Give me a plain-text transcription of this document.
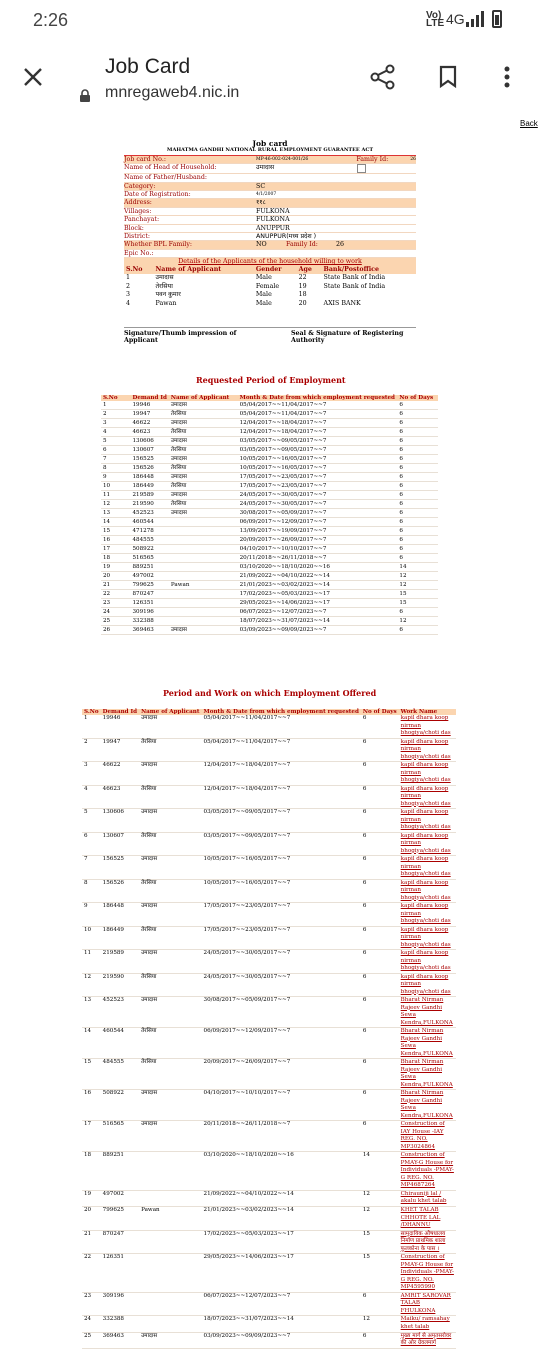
2:26	Vo)
LTE 4G
Job Card
mnregaweb4.nic.in
Back
Job card
MAHATMA GANDHI NATIONAL RURAL EMPLOYMENT GUARANTEE ACT
Job card No.:	MP-46-002-024-001/26	Family Id:	26
Name of Head of Household:	उमादास
Name of Father/Husband:
Category:	SC
Date of Registration:	4/1/2007
Address:	११८
Villages:	FULKONA
Panchayat:	FULKONA
Block:	ANUPPUR
District:	ANUPPUR(मध्य प्रदेश )
Whether BPL Family:	NO	Family Id:	26
Epic No.:
Details of the Applicants of the household willing to work
S.No	Name of Applicant	Gender	Age	Bank/Postoffice
1	उमादास	Male	22	State Bank of India
2	तेरसिया	Female	19	State Bank of India
3	पवन कुमार	Male	18	
4	Pawan	Male	20	AXIS BANK
Signature/Thumb impression of Applicant
Seal & Signature of Registering Authority
Requested Period of Employment
S.No	Demand Id	Name of Applicant	Month & Date from which employment requested	No of Days
1	19946	उमादास	05/04/2017~~11/04/2017~~7	6
2	19947	तेरसिया	05/04/2017~~11/04/2017~~7	6
3	46622	उमादास	12/04/2017~~18/04/2017~~7	6
4	46623	तेरसिया	12/04/2017~~18/04/2017~~7	6
5	130606	उमादास	03/05/2017~~09/05/2017~~7	6
6	130607	तेरसिया	03/05/2017~~09/05/2017~~7	6
7	156525	उमादास	10/05/2017~~16/05/2017~~7	6
8	156526	तेरसिया	10/05/2017~~16/05/2017~~7	6
9	186448	उमादास	17/05/2017~~23/05/2017~~7	6
10	186449	तेरसिया	17/05/2017~~23/05/2017~~7	6
11	219589	उमादास	24/05/2017~~30/05/2017~~7	6
12	219590	तेरसिया	24/05/2017~~30/05/2017~~7	6
13	452523	उमादास	30/08/2017~~05/09/2017~~7	6
14	460544		06/09/2017~~12/09/2017~~7	6
15	471278		13/09/2017~~19/09/2017~~7	6
16	484555		20/09/2017~~26/09/2017~~7	6
17	508922		04/10/2017~~10/10/2017~~7	6
18	516565		20/11/2018~~26/11/2018~~7	6
19	889251		03/10/2020~~18/10/2020~~16	14
20	497002		21/09/2022~~04/10/2022~~14	12
21	799625	Pawan	21/01/2023~~03/02/2023~~14	12
22	870247		17/02/2023~~05/03/2023~~17	15
23	126351		29/05/2023~~14/06/2023~~17	15
24	309196		06/07/2023~~12/07/2023~~7	6
25	332388		18/07/2023~~31/07/2023~~14	12
26	369463	उमादास	03/09/2023~~09/09/2023~~7	6
Period and Work on which Employment Offered
S.No	Demand Id	Name of Applicant	Month & Date from which employment requested	No of Days	Work Name
1	19946	उमादास	05/04/2017~~11/04/2017~~7	6	kapil dhara koop nirman bhogiya/choti das
2	19947	तेरसिया	05/04/2017~~11/04/2017~~7	6	kapil dhara koop nirman bhogiya/choti das
3	46622	उमादास	12/04/2017~~18/04/2017~~7	6	kapil dhara koop nirman bhogiya/choti das
4	46623	तेरसिया	12/04/2017~~18/04/2017~~7	6	kapil dhara koop nirman bhogiya/choti das
5	130606	उमादास	03/05/2017~~09/05/2017~~7	6	kapil dhara koop nirman bhogiya/choti das
6	130607	तेरसिया	03/05/2017~~09/05/2017~~7	6	kapil dhara koop nirman bhogiya/choti das
7	156525	उमादास	10/05/2017~~16/05/2017~~7	6	kapil dhara koop nirman bhogiya/choti das
8	156526	तेरसिया	10/05/2017~~16/05/2017~~7	6	kapil dhara koop nirman bhogiya/choti das
9	186448	उमादास	17/05/2017~~23/05/2017~~7	6	kapil dhara koop nirman bhogiya/choti das
10	186449	तेरसिया	17/05/2017~~23/05/2017~~7	6	kapil dhara koop nirman bhogiya/choti das
11	219589	उमादास	24/05/2017~~30/05/2017~~7	6	kapil dhara koop nirman bhogiya/choti das
12	219590	तेरसिया	24/05/2017~~30/05/2017~~7	6	kapil dhara koop nirman bhogiya/choti das
13	452523	उमादास	30/08/2017~~05/09/2017~~7	6	Bharat Nirman Rajeev Gandhi Sewa Kendra,FULKONA
14	460544	तेरसिया	06/09/2017~~12/09/2017~~7	6	Bharat Nirman Rajeev Gandhi Sewa Kendra,FULKONA
15	484555	तेरसिया	20/09/2017~~26/09/2017~~7	6	Bharat Nirman Rajeev Gandhi Sewa Kendra,FULKONA
16	508922	उमादास	04/10/2017~~10/10/2017~~7	6	Bharat Nirman Rajeev Gandhi Sewa Kendra,FULKONA
17	516565	उमादास	20/11/2018~~26/11/2018~~7	6	Construction of IAY House -IAY REG. NO. MP3024864
18	889251		03/10/2020~~18/10/2020~~16	14	Construction of PMAY-G House for Individuals -PMAY-G REG. NO. MP4687264
19	497002		21/09/2022~~04/10/2022~~14	12	Chirauniji lal / akalu khet talab
20	799625	Pawan	21/01/2023~~03/02/2023~~14	12	KHET TALAB CHHOTE LAL /DHANNU
21	870247		17/02/2023~~05/03/2023~~17	15	सामुदायिक औषधालय निर्माण प्राथमिक शाला फुलकोना के पास ।
22	126351		29/05/2023~~14/06/2023~~17	15	Construction of PMAY-G House for Individuals -PMAY-G REG. NO. MP4595990
23	309196		06/07/2023~~12/07/2023~~7	6	AMRIT SAROVAR TALAB FHULKONA
24	332388		18/07/2023~~31/07/2023~~14	12	Maiku/ ramsahay khet talab
25	369463	उमादास	03/09/2023~~09/09/2023~~7	6	मुख्य मार्ग से अमृतसरोवर की ओर ग्रेवलमार्ग
